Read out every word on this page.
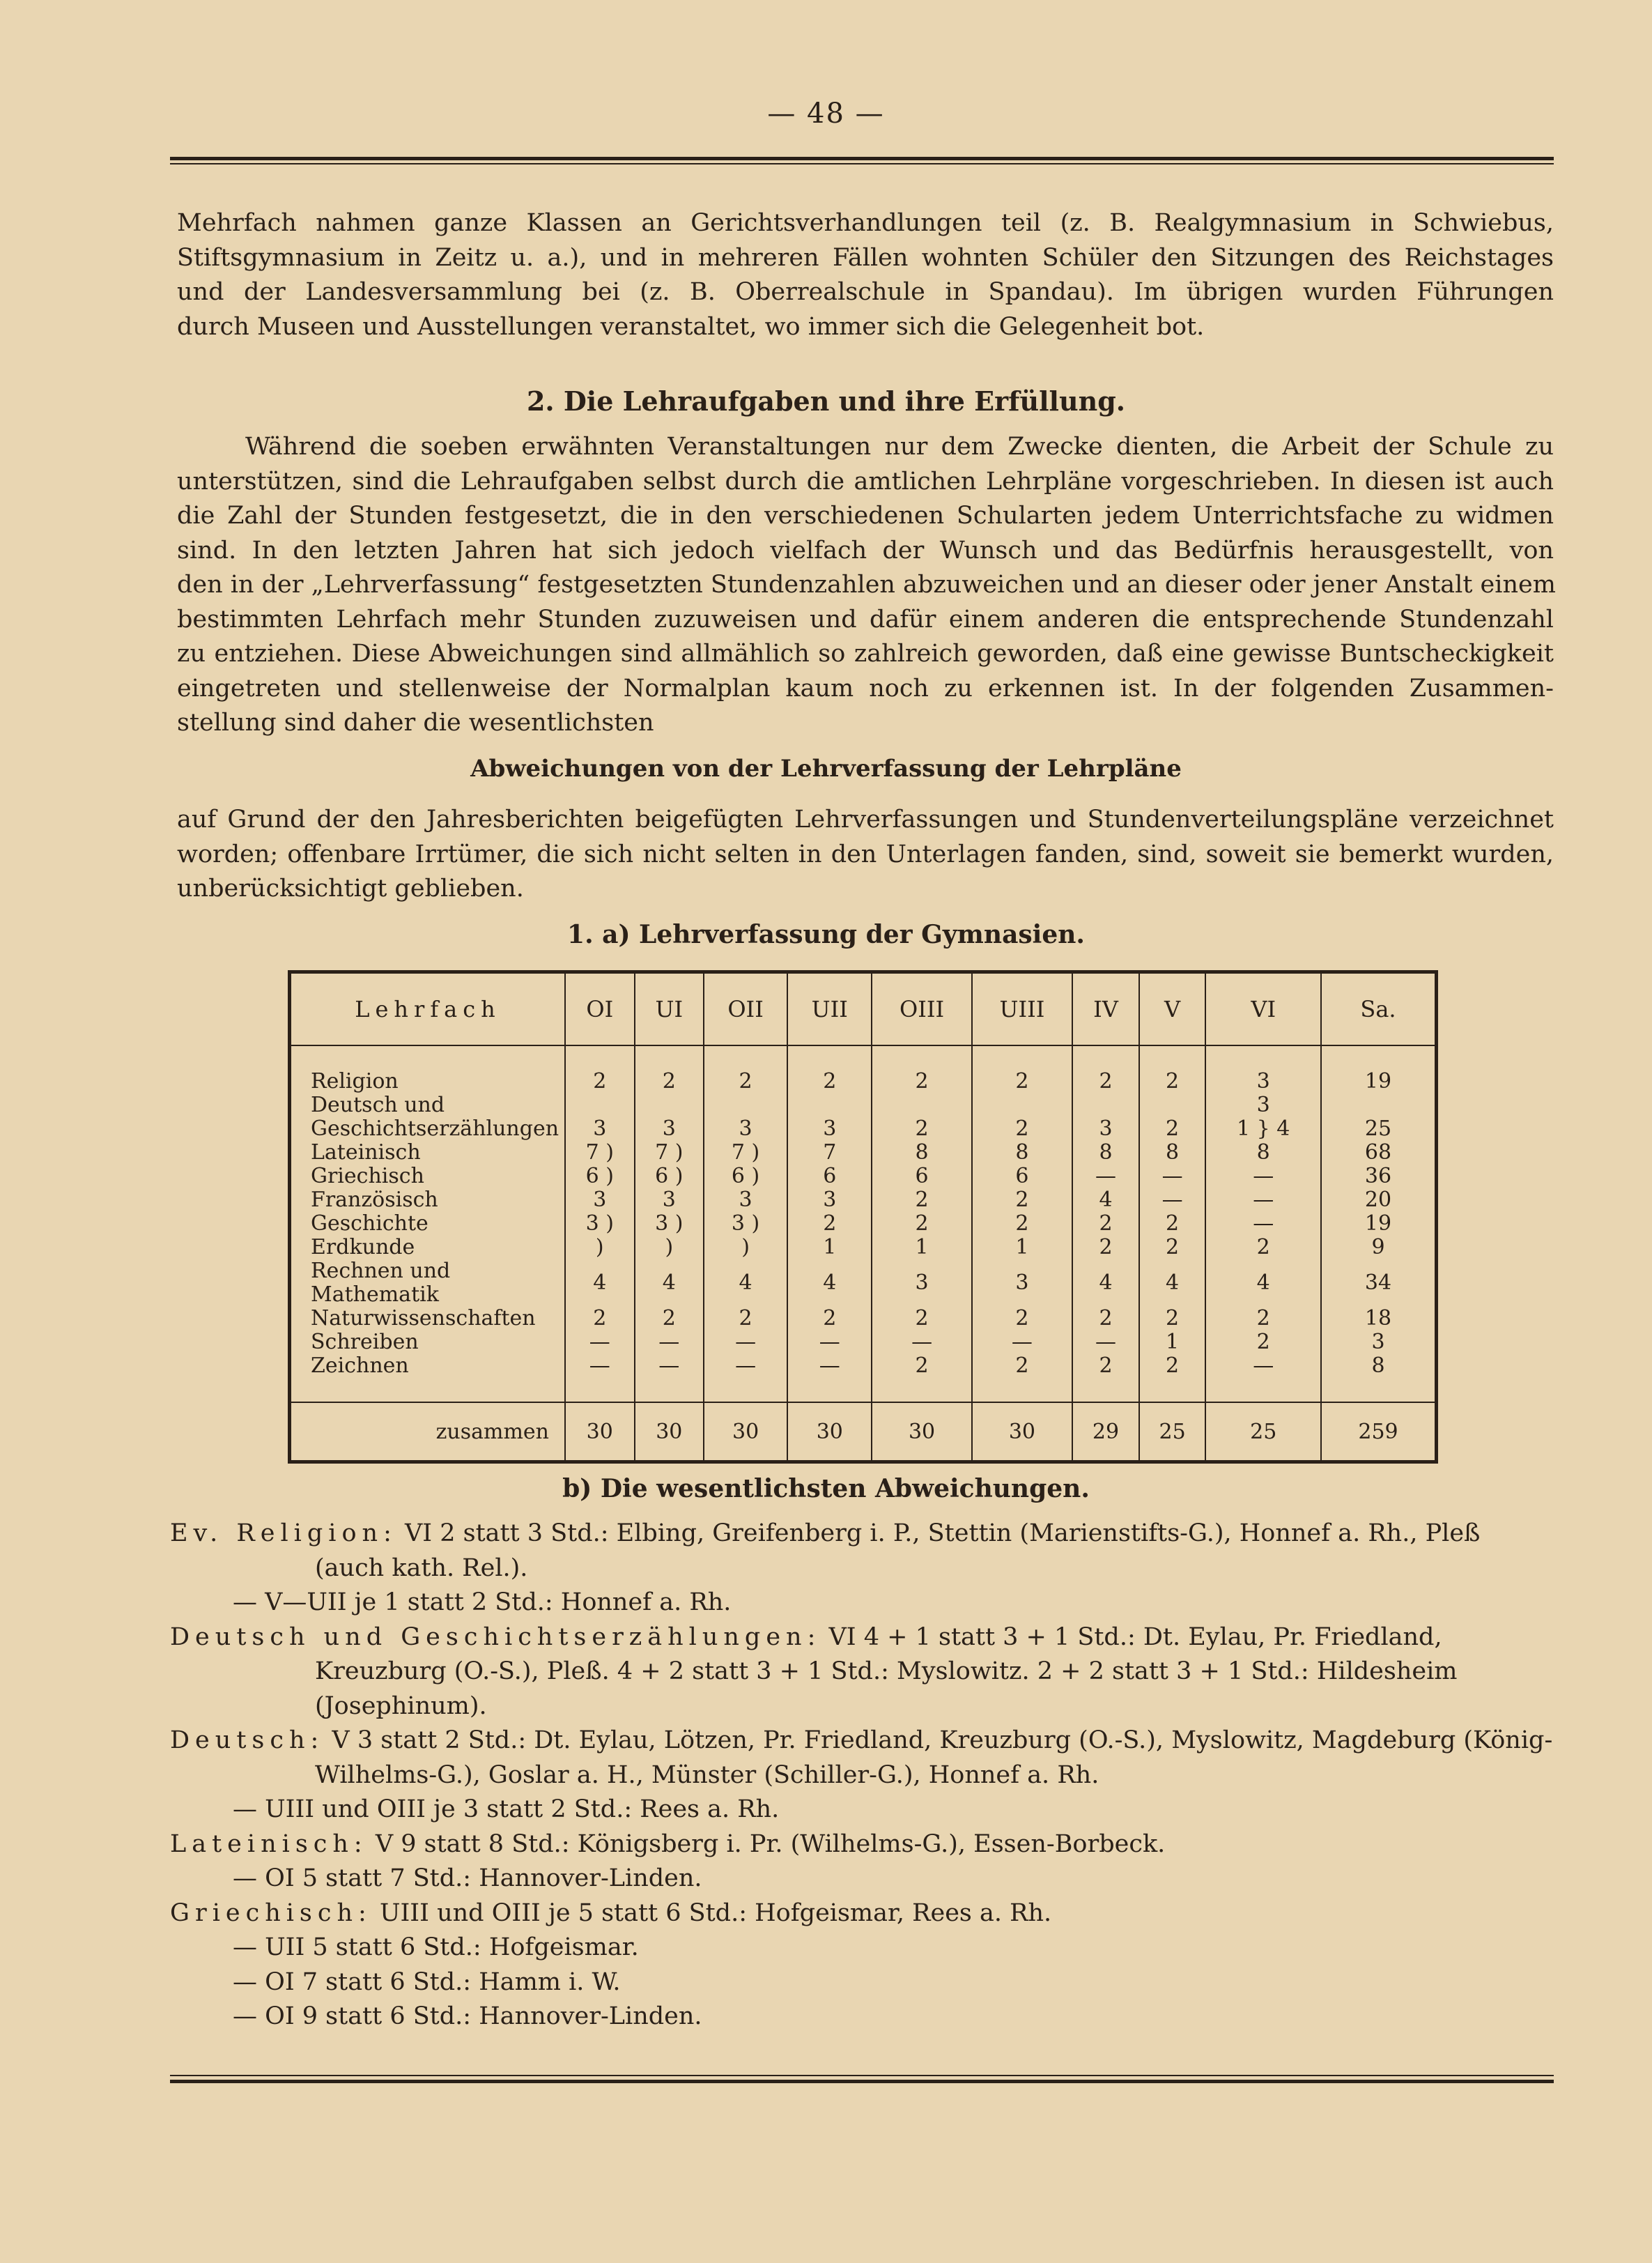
— 48 —
Mehrfach nahmen ganze Klassen an Gerichtsverhandlungen teil (z. B. Realgymnasium in Schwiebus,
Stiftsgymnasium in Zeitz u. a.), und in mehreren Fällen wohnten Schüler den Sitzungen des Reichstages
und der Landesversammlung bei (z. B. Oberrealschule in Spandau). Im übrigen wurden Führungen
durch Museen und Ausstellungen veranstaltet, wo immer sich die Gelegenheit bot.
2. Die Lehraufgaben und ihre Erfüllung.
Während die soeben erwähnten Veranstaltungen nur dem Zwecke dienten, die Arbeit der Schule zu
unterstützen, sind die Lehraufgaben selbst durch die amtlichen Lehrpläne vorgeschrieben. In diesen ist auch
die Zahl der Stunden festgesetzt, die in den verschiedenen Schularten jedem Unterrichtsfache zu widmen
sind. In den letzten Jahren hat sich jedoch vielfach der Wunsch und das Bedürfnis herausgestellt, von
den in der „Lehrverfassung“ festgesetzten Stundenzahlen abzuweichen und an dieser oder jener Anstalt einem
bestimmten Lehrfach mehr Stunden zuzuweisen und dafür einem anderen die entsprechende Stundenzahl
zu entziehen. Diese Abweichungen sind allmählich so zahlreich geworden, daß eine gewisse Buntscheckigkeit
eingetreten und stellenweise der Normalplan kaum noch zu erkennen ist. In der folgenden Zusammen-
stellung sind daher die wesentlichsten
Abweichungen von der Lehrverfassung der Lehrpläne
auf Grund der den Jahresberichten beigefügten Lehrverfassungen und Stundenverteilungspläne verzeichnet
worden; offenbare Irrtümer, die sich nicht selten in den Unterlagen fanden, sind, soweit sie bemerkt wurden,
unberücksichtigt geblieben.
1. a) Lehrverfassung der Gymnasien.
Lehrfach	OI	UI	OII	UII	OIII	UIII	IV	V	VI	Sa.

Religion	2	2	2	2	2	2	2	2	3	19
Deutsch und									3	
Geschichtserzählungen	3	3	3	3	2	2	3	2	1 } 4	25
Lateinisch	7 )	7 )	7 )	7	8	8	8	8	8	68
Griechisch	6 )	6 )	6 )	6	6	6	—	—	—	36
Französisch	3	3	3	3	2	2	4	—	—	20
Geschichte	3 )	3 )	3 )	2	2	2	2	2	—	19
Erdkunde	)	)	)	1	1	1	2	2	2	9
Rechnen und Mathematik	4	4	4	4	3	3	4	4	4	34
Naturwissenschaften	2	2	2	2	2	2	2	2	2	18
Schreiben	—	—	—	—	—	—	—	1	2	3
Zeichnen	—	—	—	—	2	2	2	2	—	8

zusammen	30	30	30	30	30	30	29	25	25	259
b) Die wesentlichsten Abweichungen.
Ev. Religion: VI 2 statt 3 Std.: Elbing, Greifenberg i. P., Stettin (Marienstifts-G.), Honnef a. Rh., Pleß (auch kath. Rel.).
— V—UII je 1 statt 2 Std.: Honnef a. Rh.
Deutsch und Geschichtserzählungen: VI 4 + 1 statt 3 + 1 Std.: Dt. Eylau, Pr. Friedland, Kreuzburg (O.-S.), Pleß. 4 + 2 statt 3 + 1 Std.: Myslowitz. 2 + 2 statt 3 + 1 Std.: Hildesheim (Josephinum).
Deutsch: V 3 statt 2 Std.: Dt. Eylau, Lötzen, Pr. Friedland, Kreuzburg (O.-S.), Myslowitz, Magdeburg (König-Wilhelms-G.), Goslar a. H., Münster (Schiller-G.), Honnef a. Rh.
— UIII und OIII je 3 statt 2 Std.: Rees a. Rh.
Lateinisch: V 9 statt 8 Std.: Königsberg i. Pr. (Wilhelms-G.), Essen-Borbeck.
— OI 5 statt 7 Std.: Hannover-Linden.
Griechisch: UIII und OIII je 5 statt 6 Std.: Hofgeismar, Rees a. Rh.
— UII 5 statt 6 Std.: Hofgeismar.
— OI 7 statt 6 Std.: Hamm i. W.
— OI 9 statt 6 Std.: Hannover-Linden.
